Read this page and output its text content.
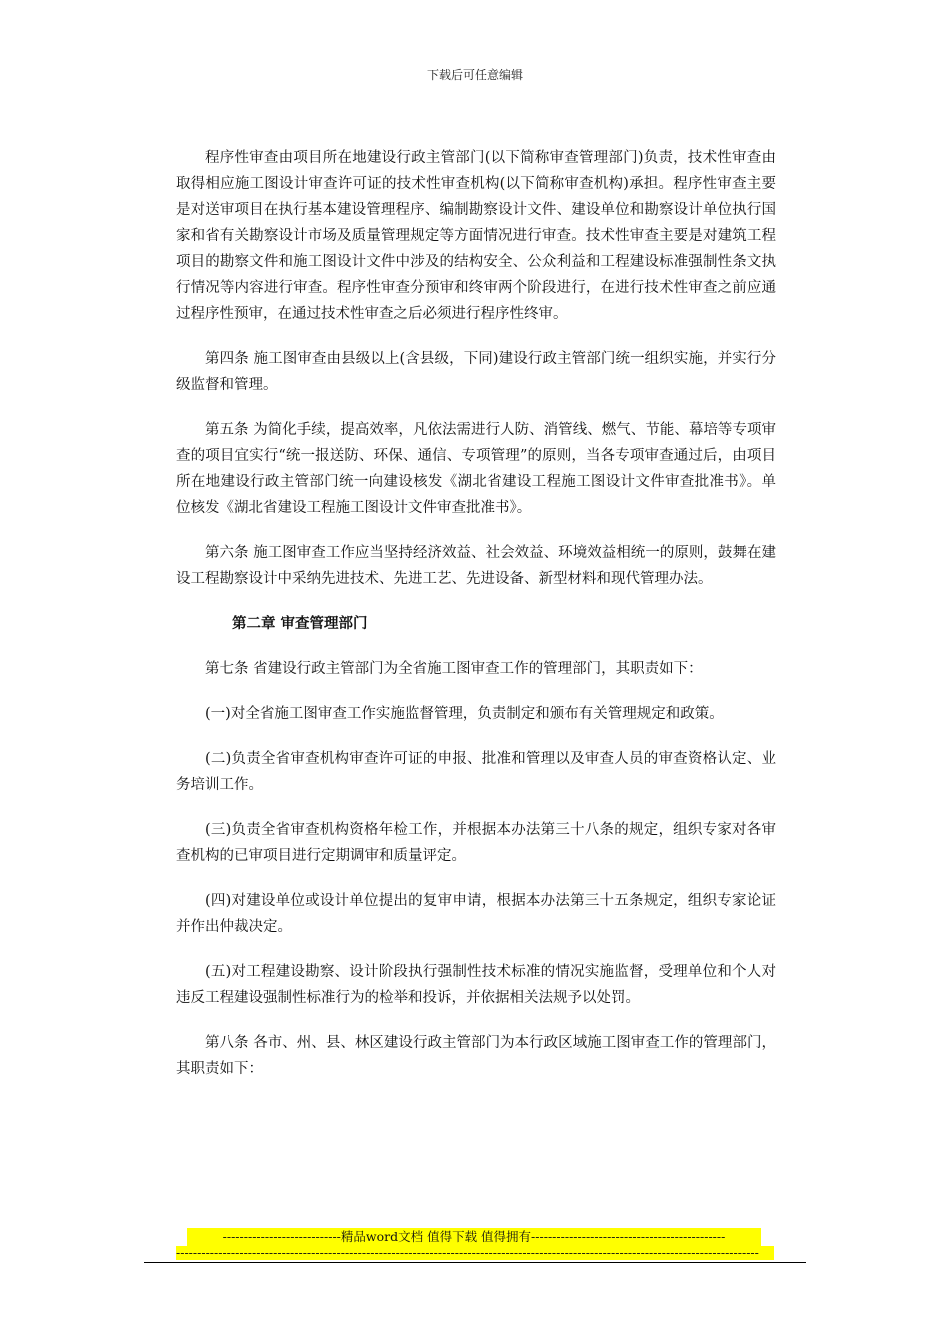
下载后可任意编辑

程序性审查由项目所在地建设行政主管部门(以下简称审查管理部门)负责，技术性审查由取得相应施工图设计审查许可证的技术性审查机构(以下简称审查机构)承担。程序性审查主要是对送审项目在执行基本建设管理程序、编制勘察设计文件、建设单位和勘察设计单位执行国家和省有关勘察设计市场及质量管理规定等方面情况进行审查。技术性审查主要是对建筑工程项目的勘察文件和施工图设计文件中涉及的结构安全、公众利益和工程建设标准强制性条文执行情况等内容进行审查。程序性审查分预审和终审两个阶段进行，在进行技术性审查之前应通过程序性预审，在通过技术性审查之后必须进行程序性终审。

第四条 施工图审查由县级以上(含县级，下同)建设行政主管部门统一组织实施，并实行分级监督和管理。

第五条 为简化手续，提高效率，凡依法需进行人防、消管线、燃气、节能、幕培等专项审查的项目宜实行“统一报送防、环保、通信、专项管理”的原则，当各专项审查通过后，由项目所在地建设行政主管部门统一向建设核发《湖北省建设工程施工图设计文件审查批准书》。单位核发《湖北省建设工程施工图设计文件审查批准书》。

第六条 施工图审查工作应当坚持经济效益、社会效益、环境效益相统一的原则，鼓舞在建设工程勘察设计中采纳先进技术、先进工艺、先进设备、新型材料和现代管理办法。

第二章 审查管理部门

第七条 省建设行政主管部门为全省施工图审查工作的管理部门，其职责如下：

(一)对全省施工图审查工作实施监督管理，负责制定和颁布有关管理规定和政策。

(二)负责全省审查机构审查许可证的申报、批准和管理以及审查人员的审查资格认定、业务培训工作。

(三)负责全省审查机构资格年检工作，并根据本办法第三十八条的规定，组织专家对各审查机构的已审项目进行定期调审和质量评定。

(四)对建设单位或设计单位提出的复审申请，根据本办法第三十五条规定，组织专家论证并作出仲裁决定。

(五)对工程建设勘察、设计阶段执行强制性技术标准的情况实施监督，受理单位和个人对违反工程建设强制性标准行为的检举和投诉，并依据相关法规予以处罚。

第八条 各市、州、县、林区建设行政主管部门为本行政区域施工图审查工作的管理部门，其职责如下：

----------------------------精品word文档 值得下载 值得拥有----------------------------------------------
------------------------------------------------------------------------------------------------------------------------------------------
